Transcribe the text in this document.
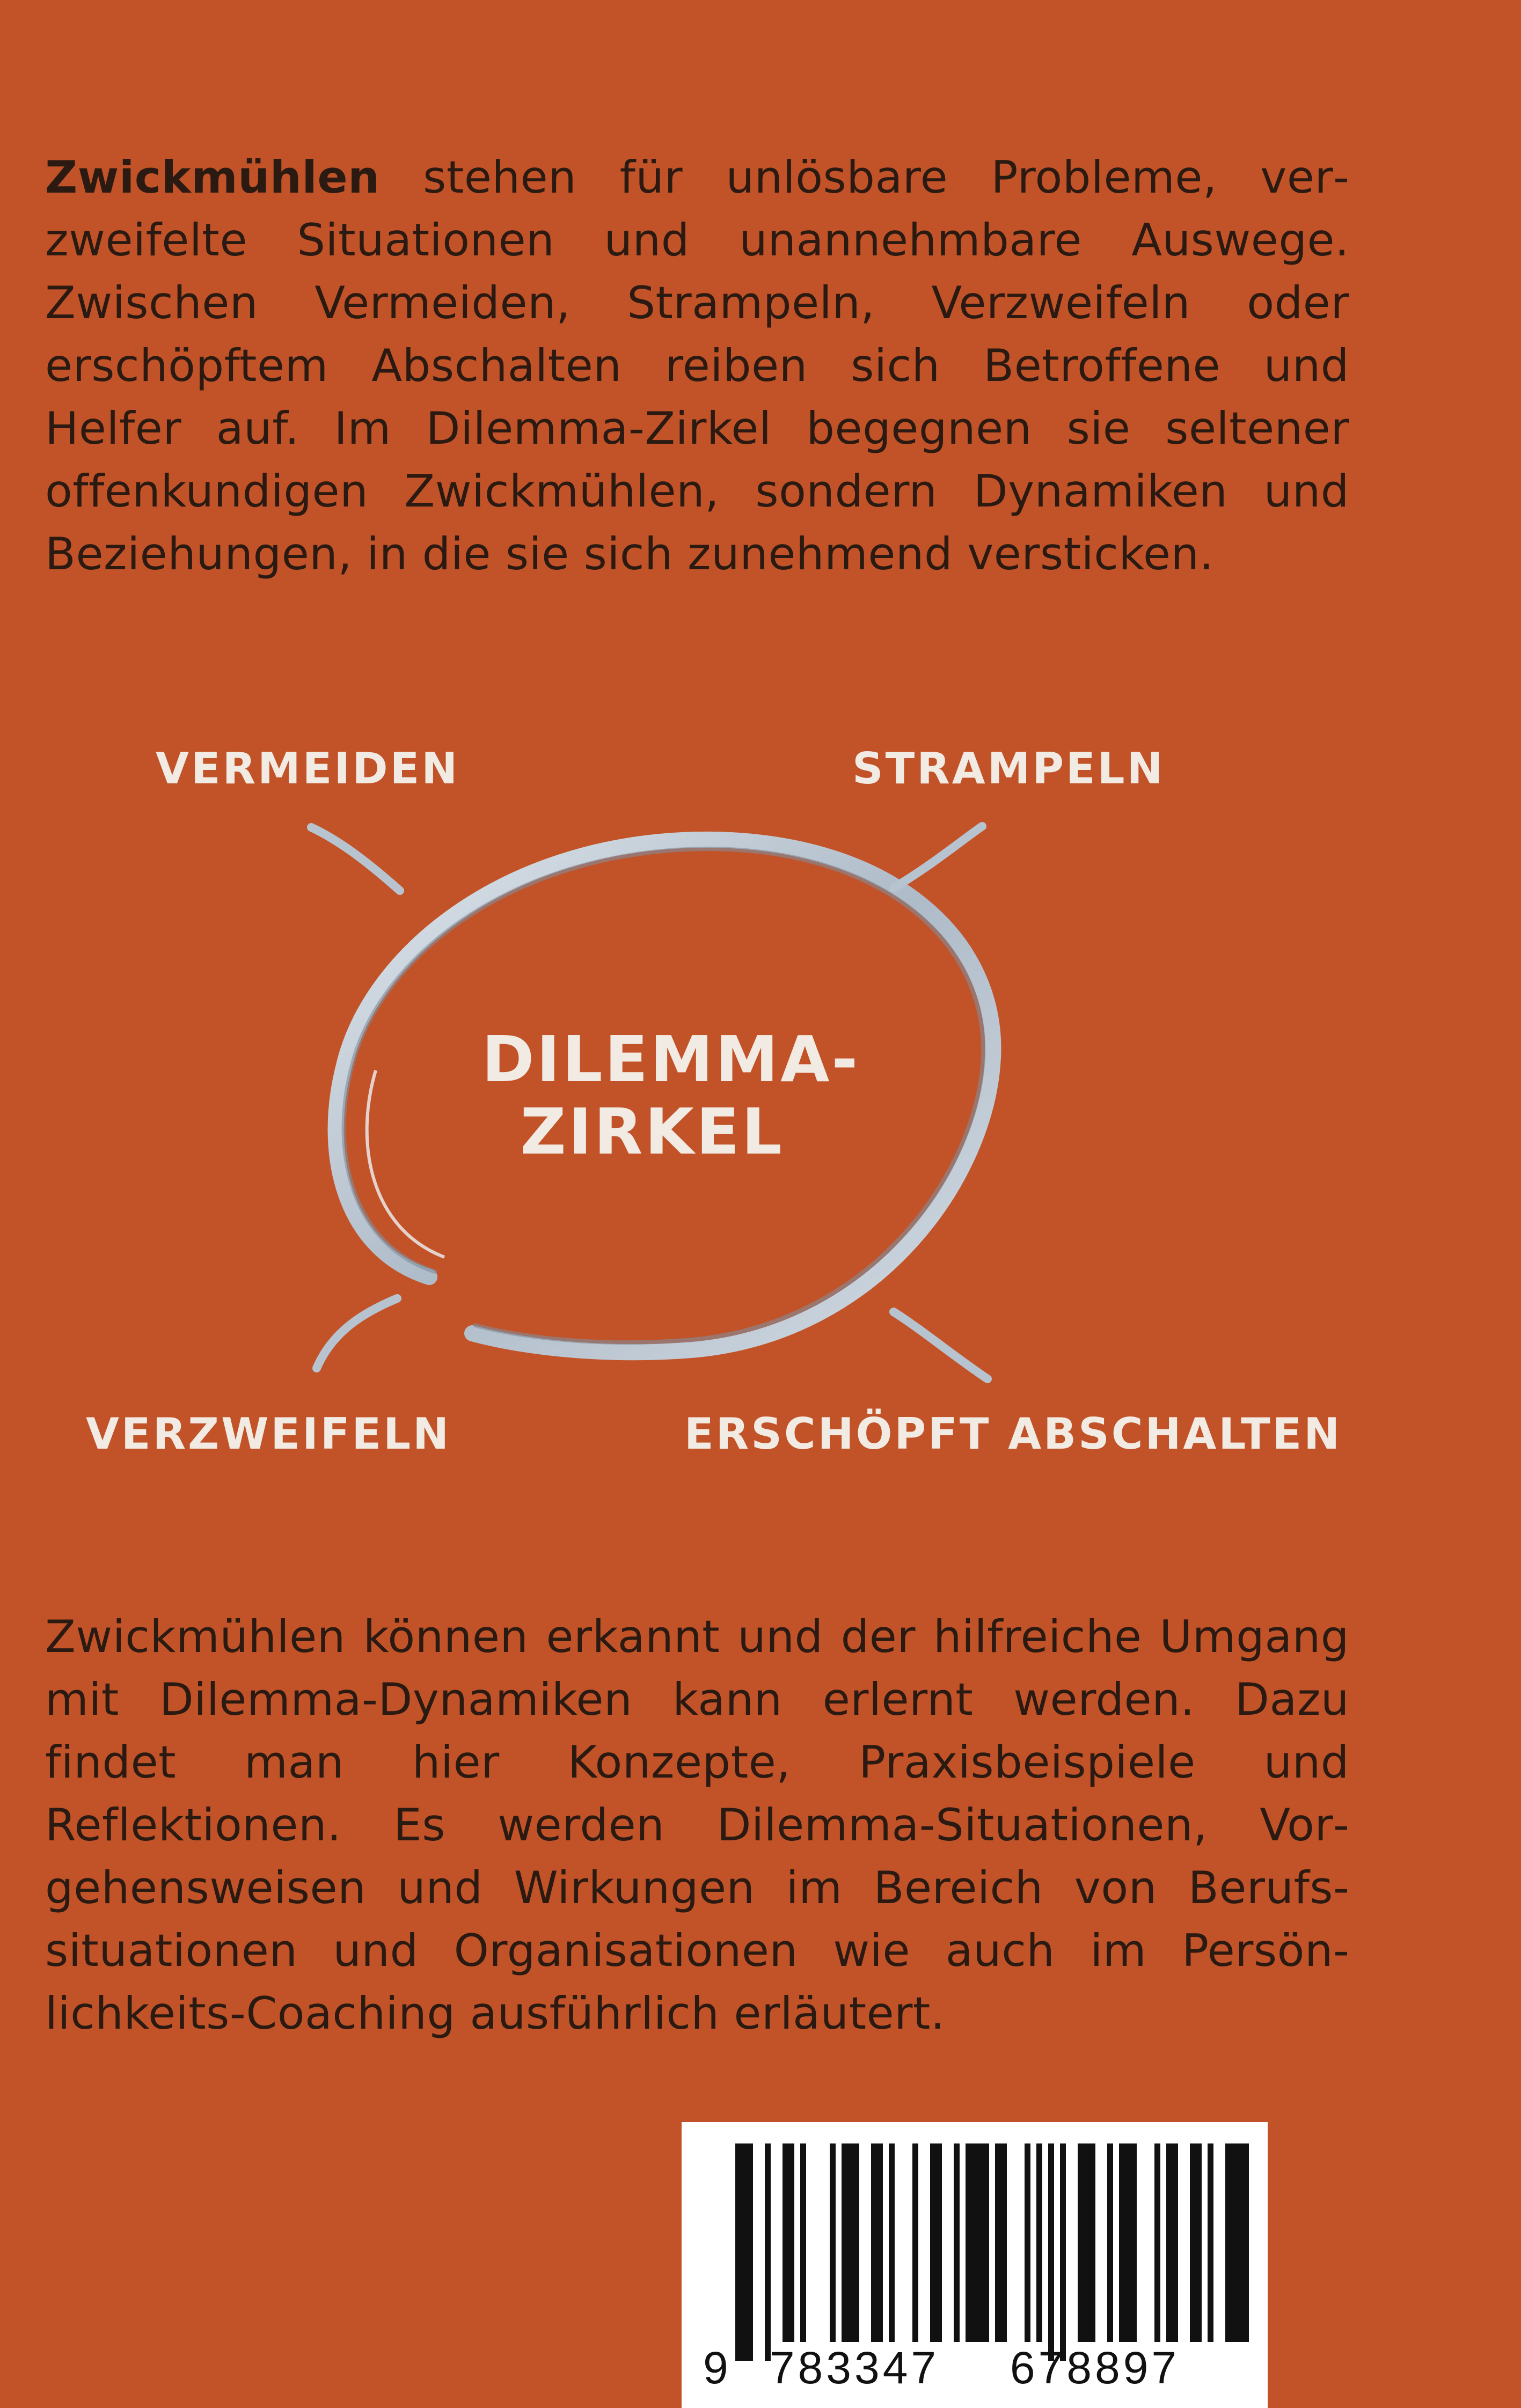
Zwickmühlen stehen für unlösbare Probleme, verzweifelte Situationen und unannehmbare Auswege. Zwischen Vermeiden, Strampeln, Verzweifeln oder erschöpftem Abschalten reiben sich Betroffene und Helfer auf. Im Dilemma-Zirkel begegnen sie seltener offenkundigen Zwickmühlen, sondern Dynamiken und Beziehungen, in die sie sich zunehmend versticken.

DILEMMA-
ZIRKEL
VERMEIDEN	STRAMPELN
VERZWEIFELN	ERSCHÖPFT ABSCHALTEN

Zwickmühlen können erkannt und der hilfreiche Umgang mit Dilemma-Dynamiken kann erlernt werden. Dazu findet man hier Konzepte, Praxisbeispiele und Reflektionen. Es werden Dilemma-Situationen, Vorgehensweisen und Wirkungen im Bereich von Berufssituationen und Organisationen wie auch im Persönlichkeits-Coaching ausführlich erläutert.

9 783347 678897
